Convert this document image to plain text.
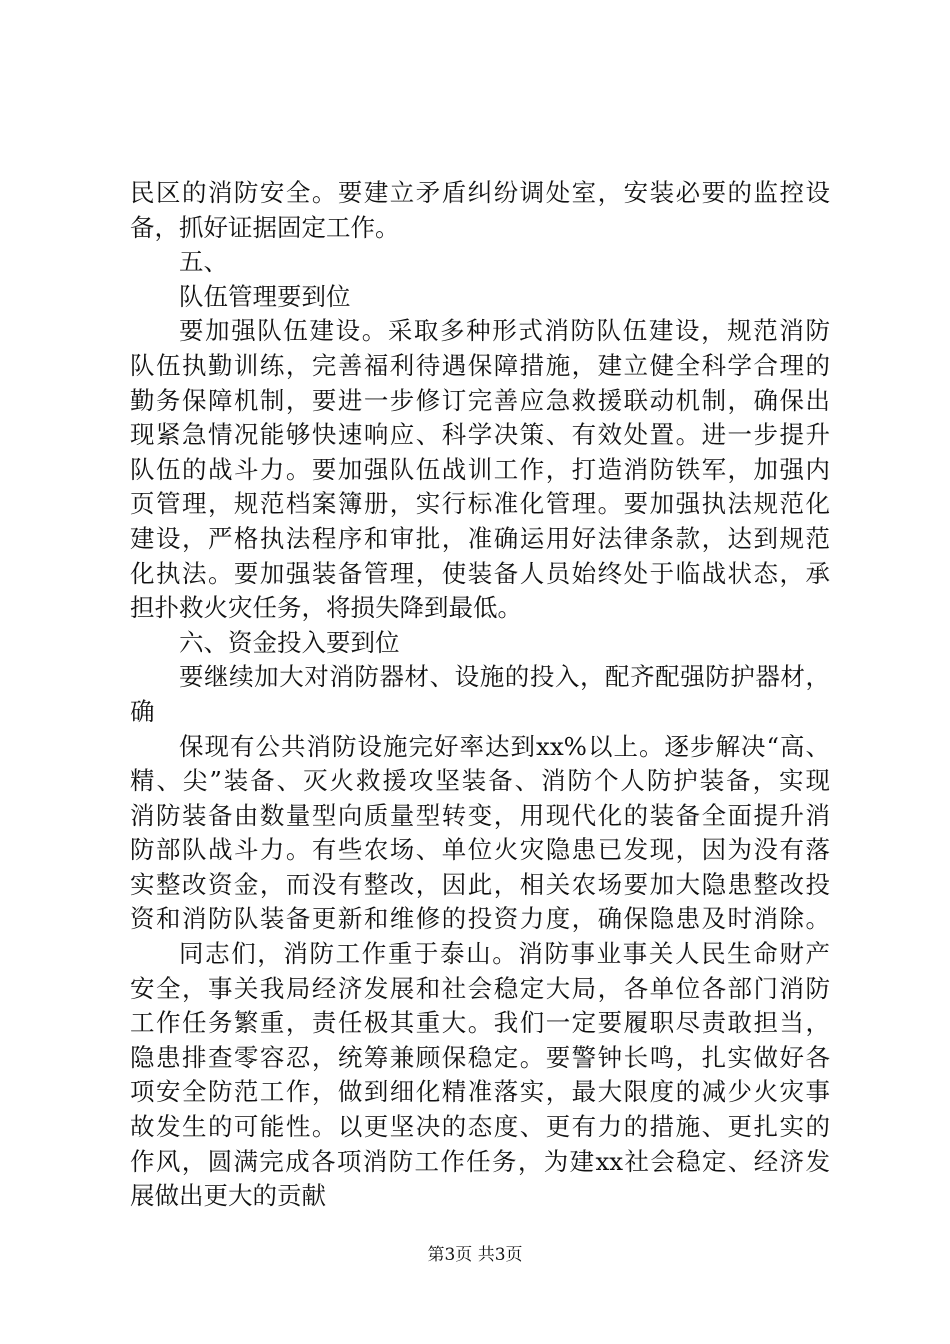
民区的消防安全。要建立矛盾纠纷调处室，安装必要的监控设
备，抓好证据固定工作。
五、
队伍管理要到位
要加强队伍建设。采取多种形式消防队伍建设，规范消防
队伍执勤训练，完善福利待遇保障措施，建立健全科学合理的
勤务保障机制，要进一步修订完善应急救援联动机制，确保出
现紧急情况能够快速响应、科学决策、有效处置。进一步提升
队伍的战斗力。要加强队伍战训工作，打造消防铁军，加强内
页管理，规范档案簿册，实行标准化管理。要加强执法规范化
建设，严格执法程序和审批，准确运用好法律条款，达到规范
化执法。要加强装备管理，使装备人员始终处于临战状态，承
担扑救火灾任务，将损失降到最低。
六、资金投入要到位
要继续加大对消防器材、设施的投入，配齐配强防护器材，
确
保现有公共消防设施完好率达到xx%以上。逐步解决“高、
精、尖”装备、灭火救援攻坚装备、消防个人防护装备，实现
消防装备由数量型向质量型转变，用现代化的装备全面提升消
防部队战斗力。有些农场、单位火灾隐患已发现，因为没有落
实整改资金，而没有整改，因此，相关农场要加大隐患整改投
资和消防队装备更新和维修的投资力度，确保隐患及时消除。
同志们，消防工作重于泰山。消防事业事关人民生命财产
安全，事关我局经济发展和社会稳定大局，各单位各部门消防
工作任务繁重，责任极其重大。我们一定要履职尽责敢担当，
隐患排查零容忍，统筹兼顾保稳定。要警钟长鸣，扎实做好各
项安全防范工作，做到细化精准落实，最大限度的减少火灾事
故发生的可能性。以更坚决的态度、更有力的措施、更扎实的
作风，圆满完成各项消防工作任务，为建xx社会稳定、经济发
展做出更大的贡献
第3页 共3页
